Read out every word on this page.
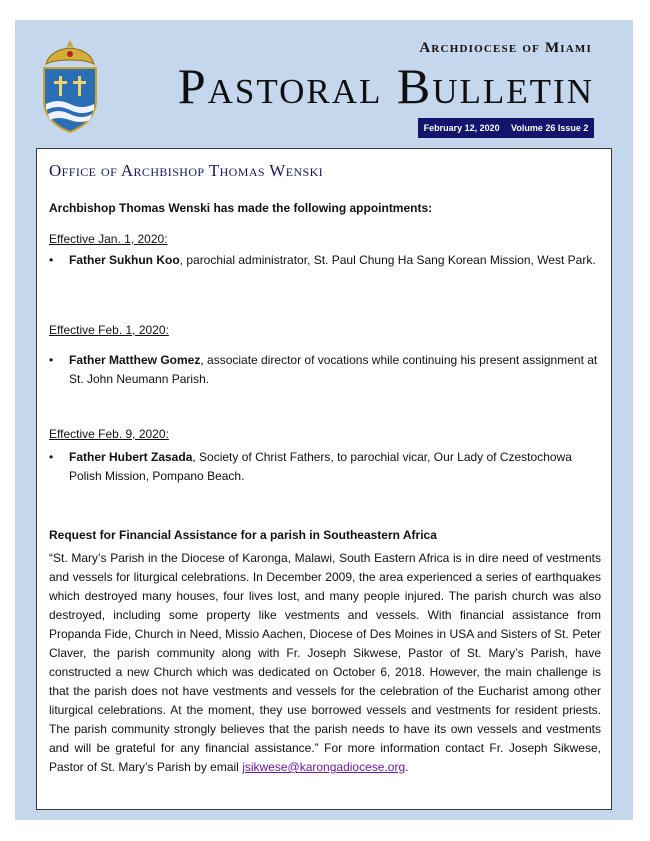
Archdiocese of Miami
Pastoral Bulletin
February 12, 2020 Volume 26 Issue 2
Office of Archbishop Thomas Wenski
Archbishop Thomas Wenski has made the following appointments:
Effective Jan. 1, 2020:
•	Father Sukhun Koo, parochial administrator, St. Paul Chung Ha Sang Korean Mission, West Park.
Effective Feb. 1, 2020:
•	Father Matthew Gomez, associate director of vocations while continuing his present assignment at St. John Neumann Parish.
Effective Feb. 9, 2020:
•	Father Hubert Zasada, Society of Christ Fathers, to parochial vicar, Our Lady of Czestochowa Polish Mission, Pompano Beach.
Request for Financial Assistance for a parish in Southeastern Africa
“St. Mary’s Parish in the Diocese of Karonga, Malawi, South Eastern Africa is in dire need of vestments and vessels for liturgical celebrations. In December 2009, the area experienced a series of earthquakes which destroyed many houses, four lives lost, and many people injured. The parish church was also destroyed, including some property like vestments and vessels. With financial assistance from Propanda Fide, Church in Need, Missio Aachen, Diocese of Des Moines in USA and Sisters of St. Peter Claver, the parish community along with Fr. Joseph Sikwese, Pastor of St. Mary’s Parish, have constructed a new Church which was dedicated on October 6, 2018. However, the main challenge is that the parish does not have vestments and vessels for the celebration of the Eucharist among other liturgical celebrations. At the moment, they use borrowed vessels and vestments for resident priests. The parish community strongly believes that the parish needs to have its own vessels and vestments and will be grateful for any financial assistance.” For more information contact Fr. Joseph Sikwese, Pastor of St. Mary’s Parish by email jsikwese@karongadiocese.org.
